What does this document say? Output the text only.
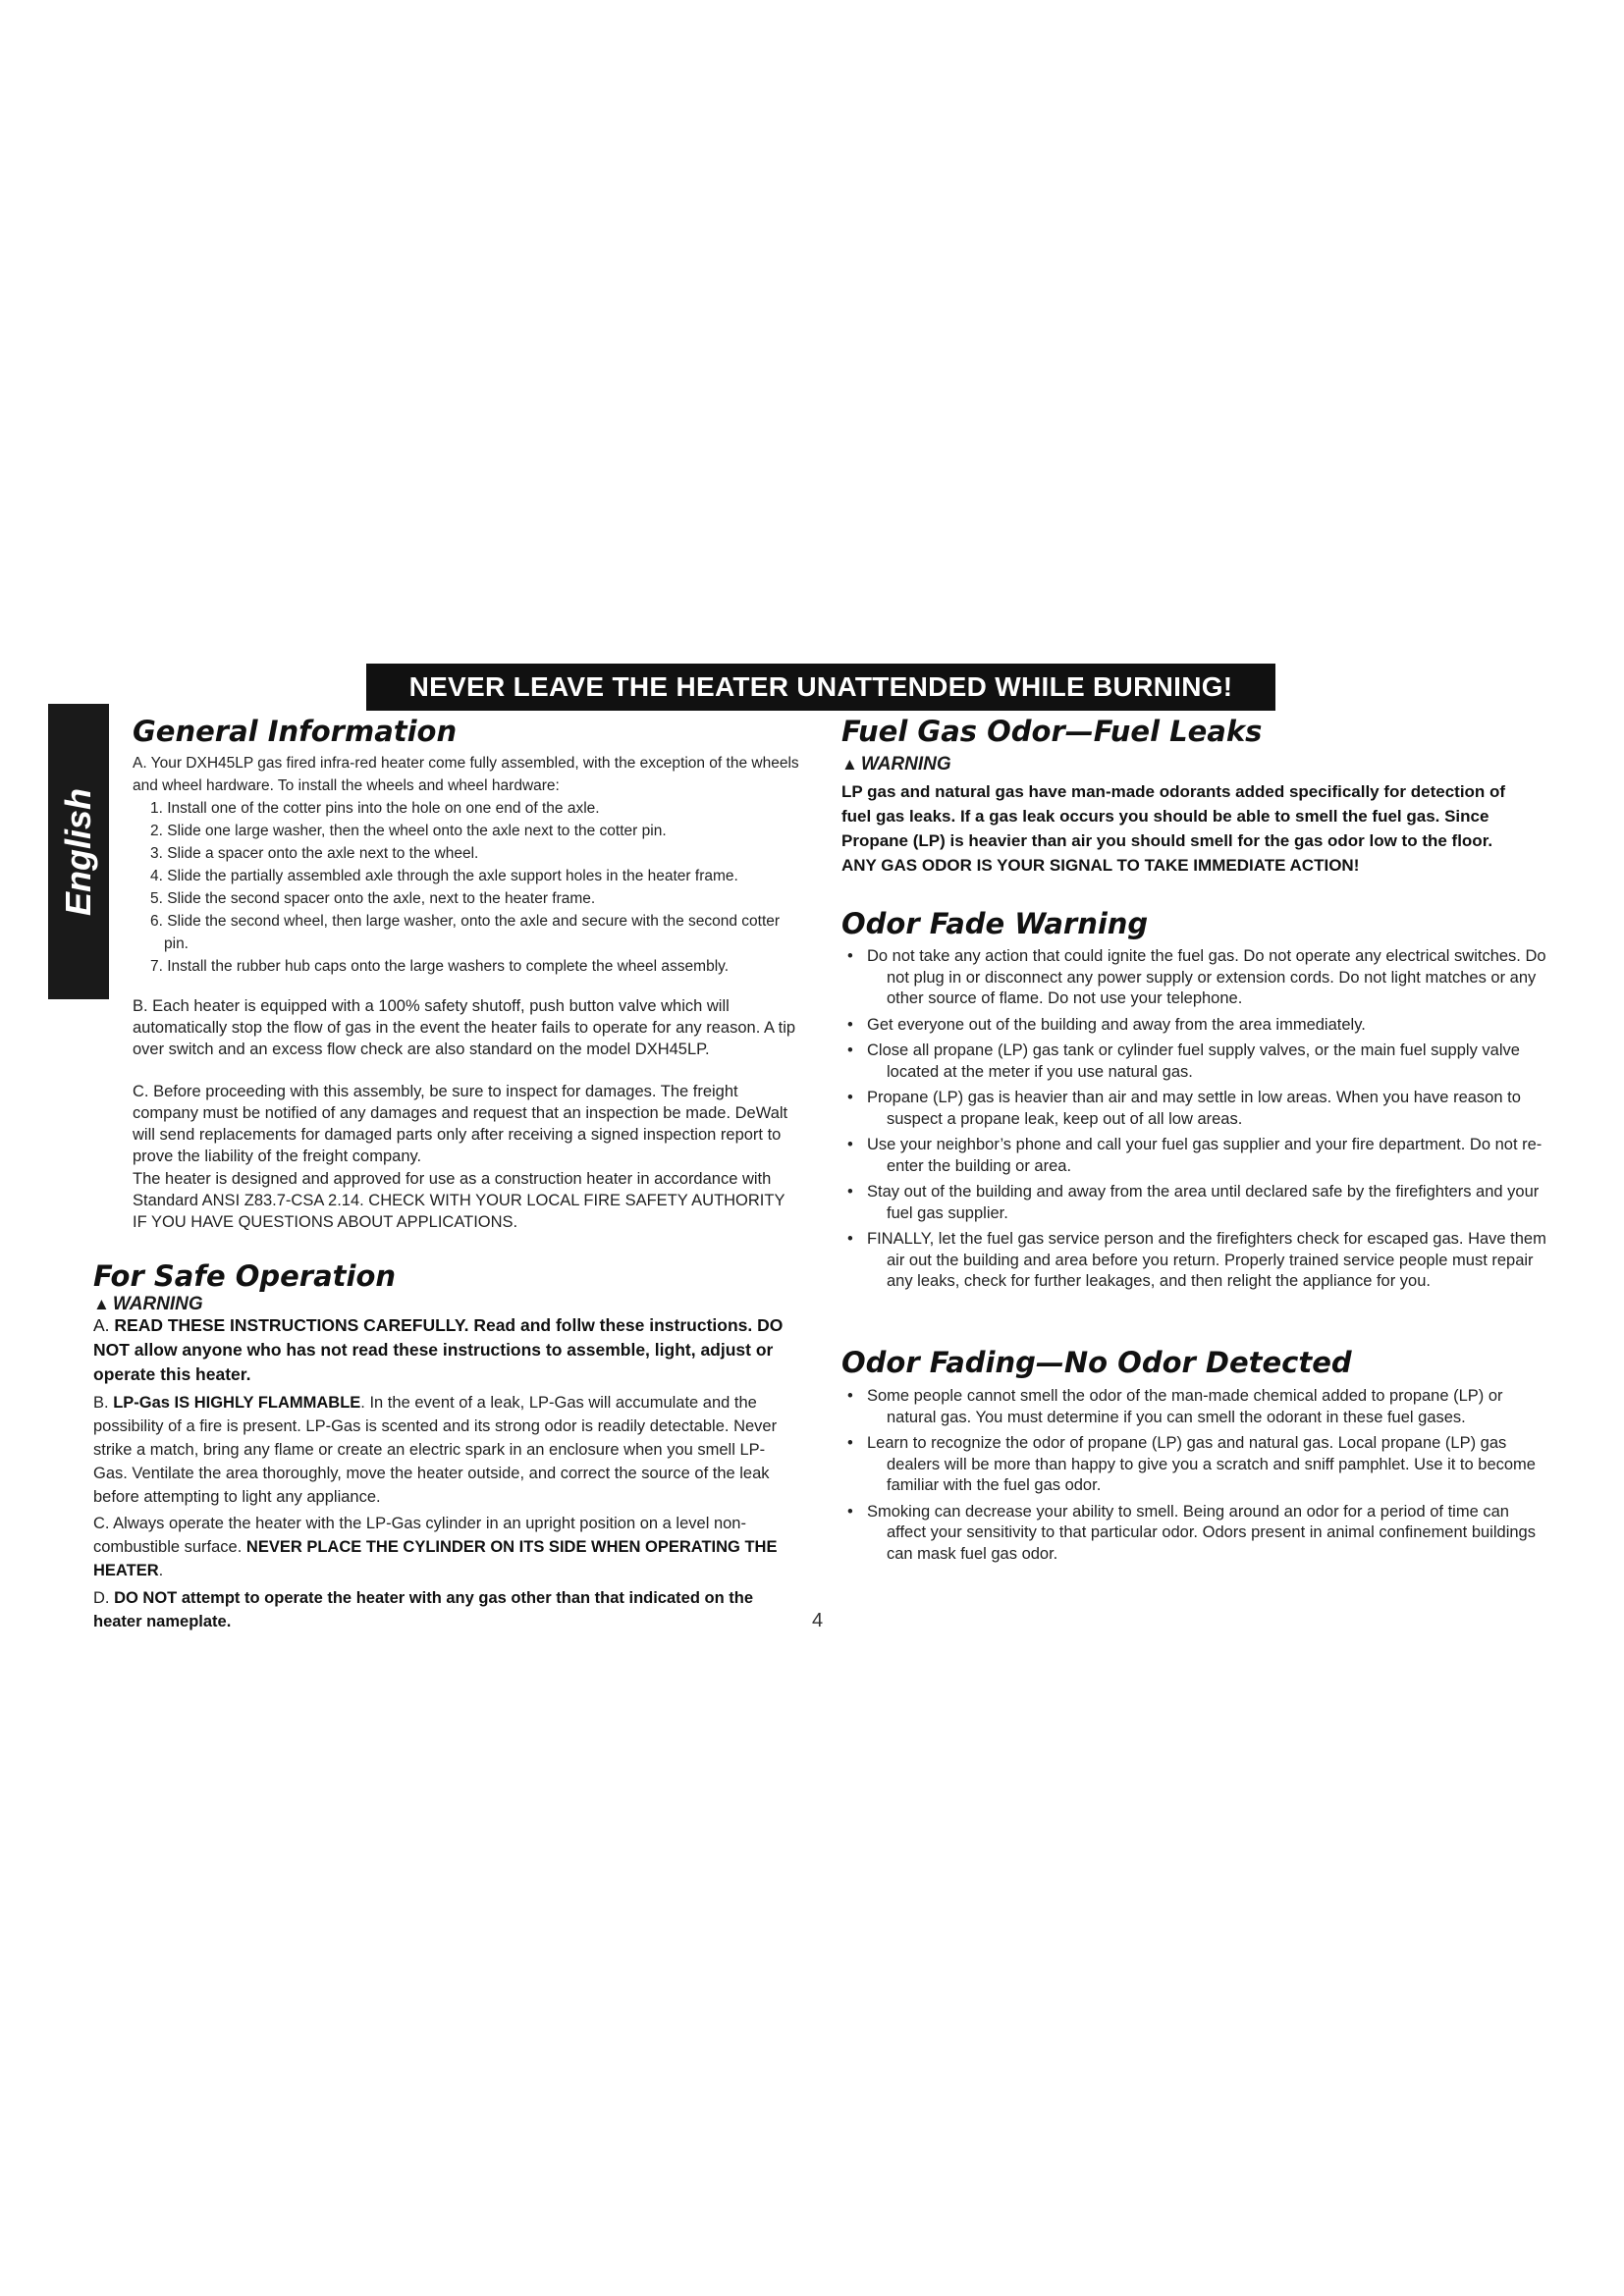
NEVER LEAVE THE HEATER UNATTENDED WHILE BURNING!
English
General Information

A. Your DXH45LP gas fired infra-red heater come fully assembled, with the exception of the wheels and wheel hardware. To install the wheels and wheel hardware:

1. Install one of the cotter pins into the hole on one end of the axle.
2. Slide one large washer, then the wheel onto the axle next to the cotter pin.
3. Slide a spacer onto the axle next to the wheel.
4. Slide the partially assembled axle through the axle support holes in the heater frame.
5. Slide the second spacer onto the axle, next to the heater frame.
6. Slide the second wheel, then large washer, onto the axle and secure with the second cotter pin.
7. Install the rubber hub caps onto the large washers to complete the wheel assembly.

B. Each heater is equipped with a 100% safety shutoff, push button valve which will automatically stop the flow of gas in the event the heater fails to operate for any reason. A tip over switch and an excess flow check are also standard on the model DXH45LP.

C. Before proceeding with this assembly, be sure to inspect for damages. The freight company must be notified of any damages and request that an inspection be made. DeWalt will send replacements for damaged parts only after receiving a signed inspection report to prove the liability of the freight company.

The heater is designed and approved for use as a construction heater in accordance with Standard ANSI Z83.7-CSA 2.14. CHECK WITH YOUR LOCAL FIRE SAFETY AUTHORITY IF YOU HAVE QUESTIONS ABOUT APPLICATIONS.

For Safe Operation

▲ WARNING

A. READ THESE INSTRUCTIONS CAREFULLY. Read and follw these instructions. DO NOT allow anyone who has not read these instructions to assemble, light, adjust or operate this heater.

B. LP-Gas IS HIGHLY FLAMMABLE. In the event of a leak, LP-Gas will accumulate and the possibility of a fire is present. LP-Gas is scented and its strong odor is readily detectable. Never strike a match, bring any flame or create an electric spark in an enclosure when you smell LP-Gas. Ventilate the area thoroughly, move the heater outside, and correct the source of the leak before attempting to light any appliance.

C. Always operate the heater with the LP-Gas cylinder in an upright position on a level non-combustible surface. NEVER PLACE THE CYLINDER ON ITS SIDE WHEN OPERATING THE HEATER.

D. DO NOT attempt to operate the heater with any gas other than that indicated on the heater nameplate.	4
Fuel Gas Odor—Fuel Leaks

▲ WARNING

LP gas and natural gas have man-made odorants added specifically for detection of fuel gas leaks. If a gas leak occurs you should be able to smell the fuel gas. Since Propane (LP) is heavier than air you should smell for the gas odor low to the floor. ANY GAS ODOR IS YOUR SIGNAL TO TAKE IMMEDIATE ACTION!

Odor Fade Warning
• Do not take any action that could ignite the fuel gas. Do not operate any electrical switches. Do not plug in or disconnect any power supply or extension cords. Do not light matches or any other source of flame. Do not use your telephone.
• Get everyone out of the building and away from the area immediately.
• Close all propane (LP) gas tank or cylinder fuel supply valves, or the main fuel supply valve located at the meter if you use natural gas.
• Propane (LP) gas is heavier than air and may settle in low areas. When you have reason to suspect a propane leak, keep out of all low areas.
• Use your neighbor’s phone and call your fuel gas supplier and your fire department. Do not re-enter the building or area.
• Stay out of the building and away from the area until declared safe by the firefighters and your fuel gas supplier.
• FINALLY, let the fuel gas service person and the firefighters check for escaped gas. Have them air out the building and area before you return. Properly trained service people must repair any leaks, check for further leakages, and then relight the appliance for you.
Odor Fading—No Odor Detected
• Some people cannot smell the odor of the man-made chemical added to propane (LP) or natural gas. You must determine if you can smell the odorant in these fuel gases.
• Learn to recognize the odor of propane (LP) gas and natural gas. Local propane (LP) gas dealers will be more than happy to give you a scratch and sniff pamphlet. Use it to become familiar with the fuel gas odor.
• Smoking can decrease your ability to smell. Being around an odor for a period of time can affect your sensitivity to that particular odor. Odors present in animal confinement buildings can mask fuel gas odor.
